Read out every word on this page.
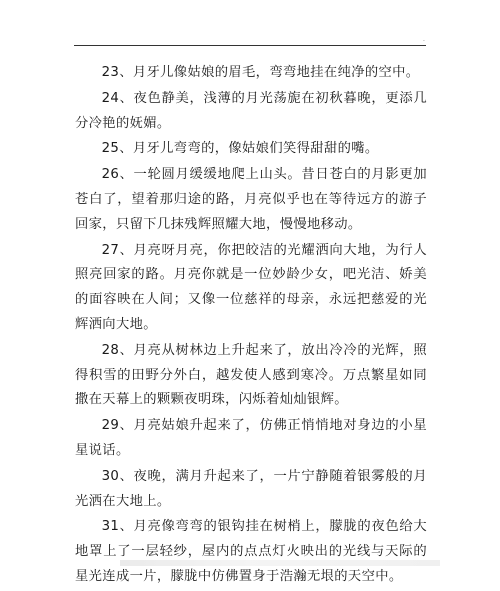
·

23、月牙儿像姑娘的眉毛，弯弯地挂在纯净的空中。

24、夜色静美，浅薄的月光荡旎在初秋暮晚，更添几分冷艳的妩媚。

25、月牙儿弯弯的，像姑娘们笑得甜甜的嘴。

26、一轮圆月缓缓地爬上山头。昔日苍白的月影更加苍白了，望着那归途的路，月亮似乎也在等待远方的游子回家，只留下几抹残辉照耀大地，慢慢地移动。

27、月亮呀月亮，你把皎洁的光耀洒向大地，为行人照亮回家的路。月亮你就是一位妙龄少女，吧光洁、娇美的面容映在人间；又像一位慈祥的母亲，永远把慈爱的光辉洒向大地。

28、月亮从树林边上升起来了，放出冷冷的光辉，照得积雪的田野分外白，越发使人感到寒冷。万点繁星如同撒在天幕上的颗颗夜明珠，闪烁着灿灿银辉。

29、月亮姑娘升起来了，仿佛正悄悄地对身边的小星星说话。

30、夜晚，满月升起来了，一片宁静随着银雾般的月光洒在大地上。

31、月亮像弯弯的银钩挂在树梢上，朦胧的夜色给大地罩上了一层轻纱，屋内的点点灯火映出的光线与天际的星光连成一片，朦胧中仿佛置身于浩瀚无垠的天空中。
